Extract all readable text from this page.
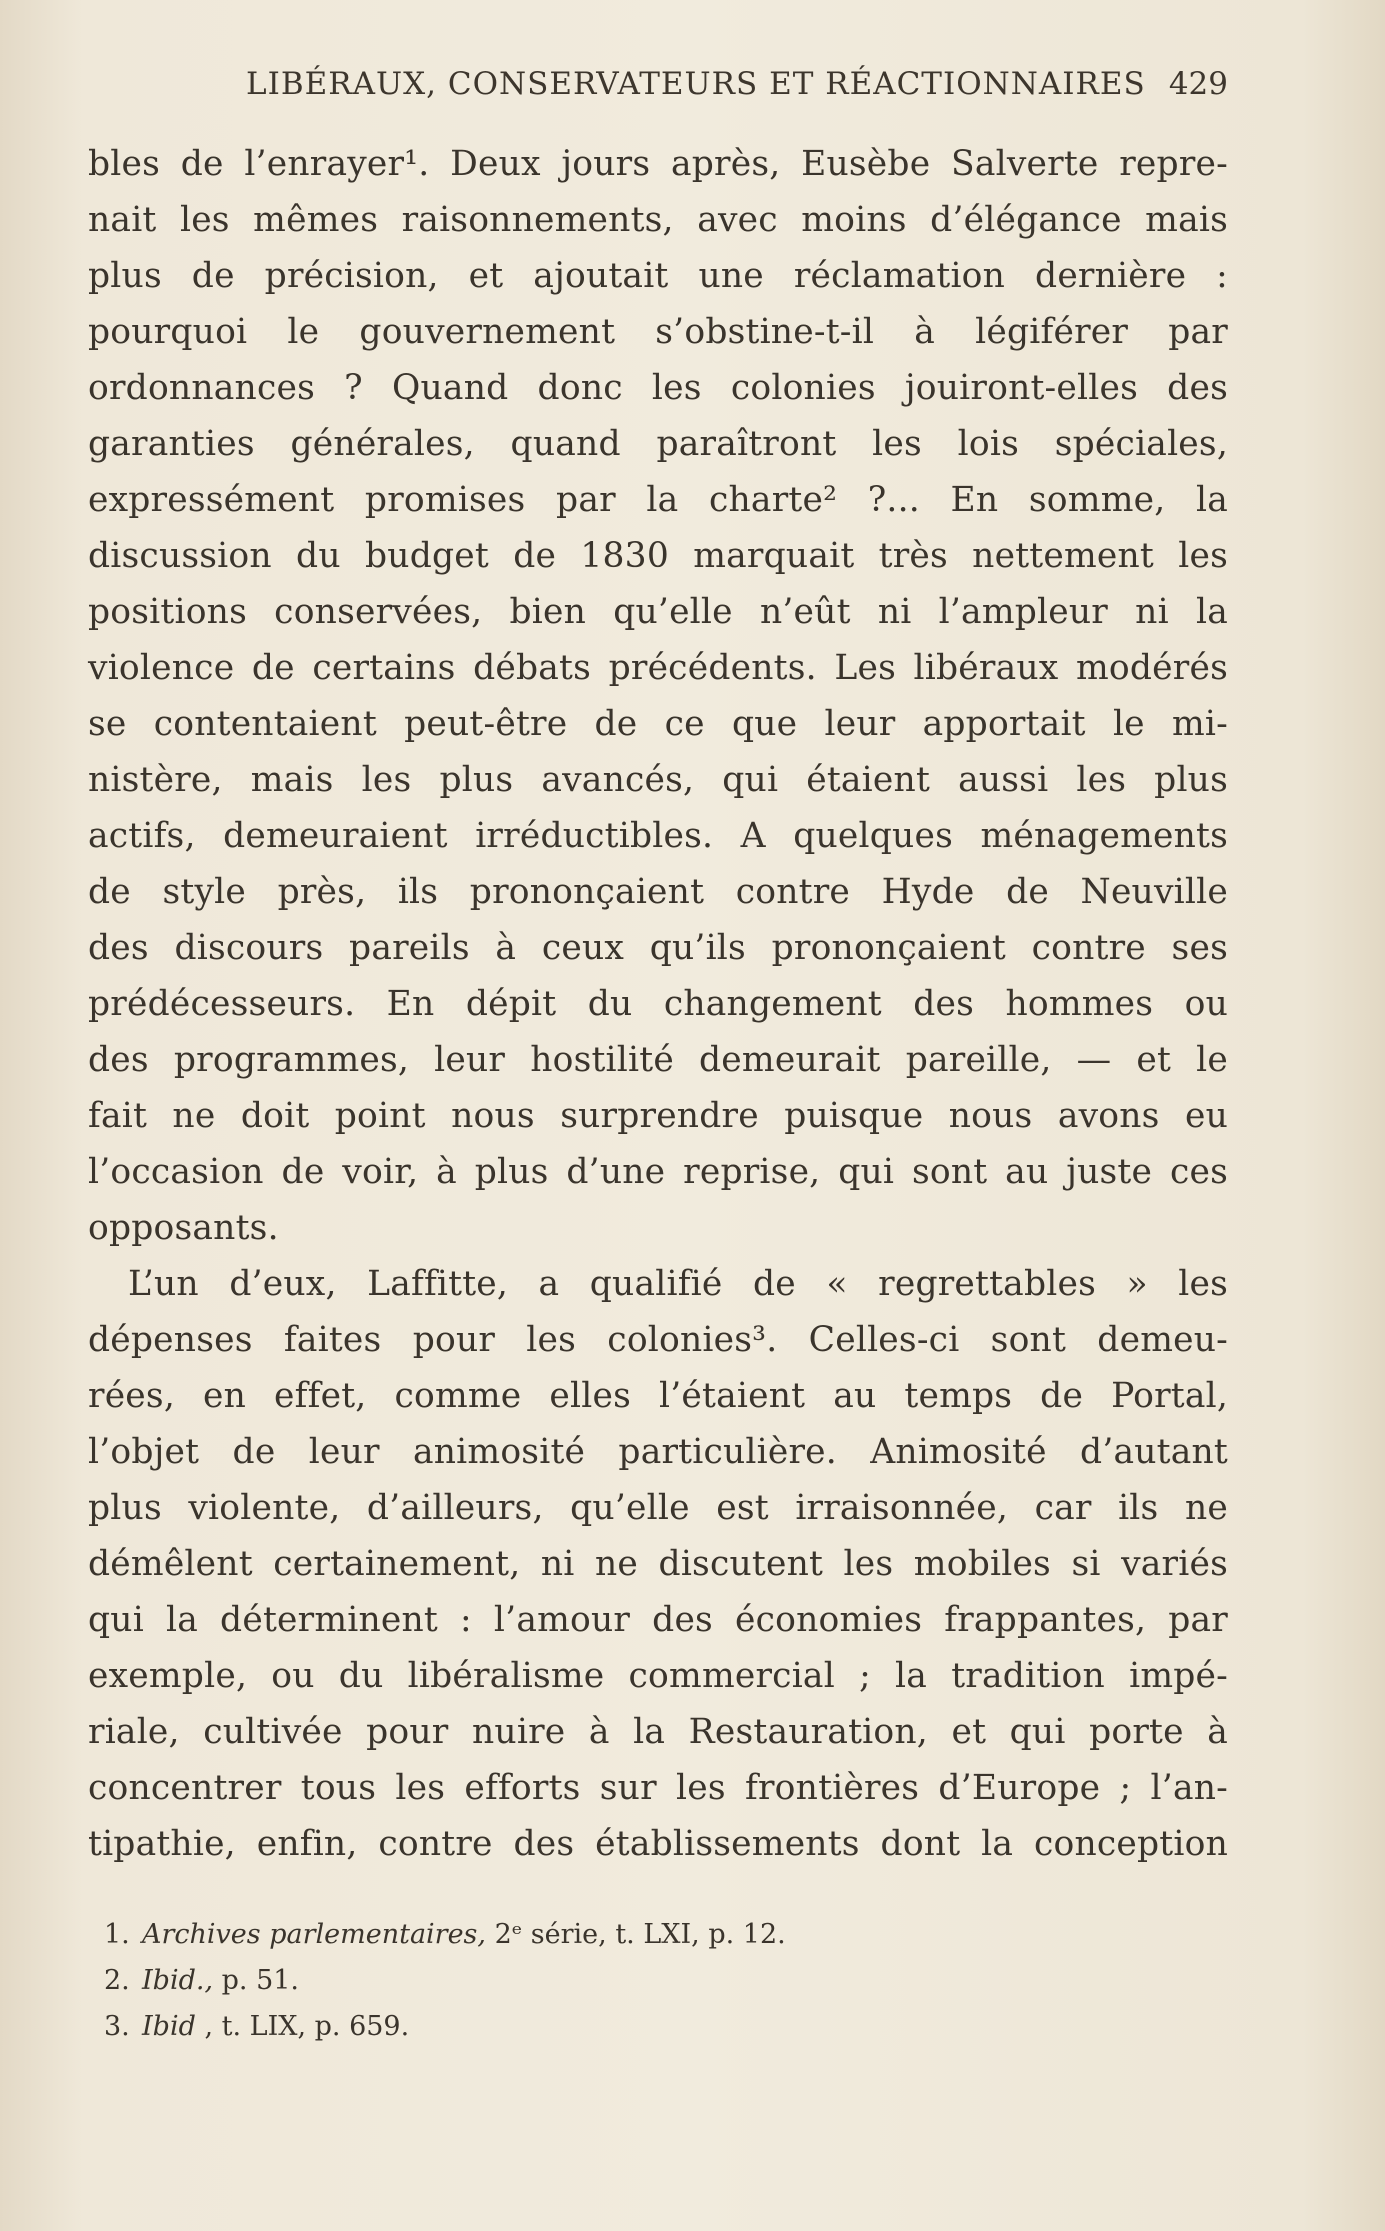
LIBÉRAUX, CONSERVATEURS ET RÉACTIONNAIRES 429
bles de l’enrayer¹. Deux jours après, Eusèbe Salverte repre-
nait les mêmes raisonnements, avec moins d’élégance mais
plus de précision, et ajoutait une réclamation dernière :
pourquoi le gouvernement s’obstine-t-il à légiférer par
ordonnances ? Quand donc les colonies jouiront-elles des
garanties générales, quand paraîtront les lois spéciales,
expressément promises par la charte² ?... En somme, la
discussion du budget de 1830 marquait très nettement les
positions conservées, bien qu’elle n’eût ni l’ampleur ni la
violence de certains débats précédents. Les libéraux modérés
se contentaient peut-être de ce que leur apportait le mi-
nistère, mais les plus avancés, qui étaient aussi les plus
actifs, demeuraient irréductibles. A quelques ménagements
de style près, ils prononçaient contre Hyde de Neuville
des discours pareils à ceux qu’ils prononçaient contre ses
prédécesseurs. En dépit du changement des hommes ou
des programmes, leur hostilité demeurait pareille, — et le
fait ne doit point nous surprendre puisque nous avons eu
l’occasion de voir, à plus d’une reprise, qui sont au juste ces
opposants.
L’un d’eux, Laffitte, a qualifié de « regrettables » les
dépenses faites pour les colonies³. Celles-ci sont demeu-
rées, en effet, comme elles l’étaient au temps de Portal,
l’objet de leur animosité particulière. Animosité d’autant
plus violente, d’ailleurs, qu’elle est irraisonnée, car ils ne
démêlent certainement, ni ne discutent les mobiles si variés
qui la déterminent : l’amour des économies frappantes, par
exemple, ou du libéralisme commercial ; la tradition impé-
riale, cultivée pour nuire à la Restauration, et qui porte à
concentrer tous les efforts sur les frontières d’Europe ; l’an-
tipathie, enfin, contre des établissements dont la conception
1. Archives parlementaires, 2ᵉ série, t. LXI, p. 12.
2. Ibid., p. 51.
3. Ibid , t. LIX, p. 659.
